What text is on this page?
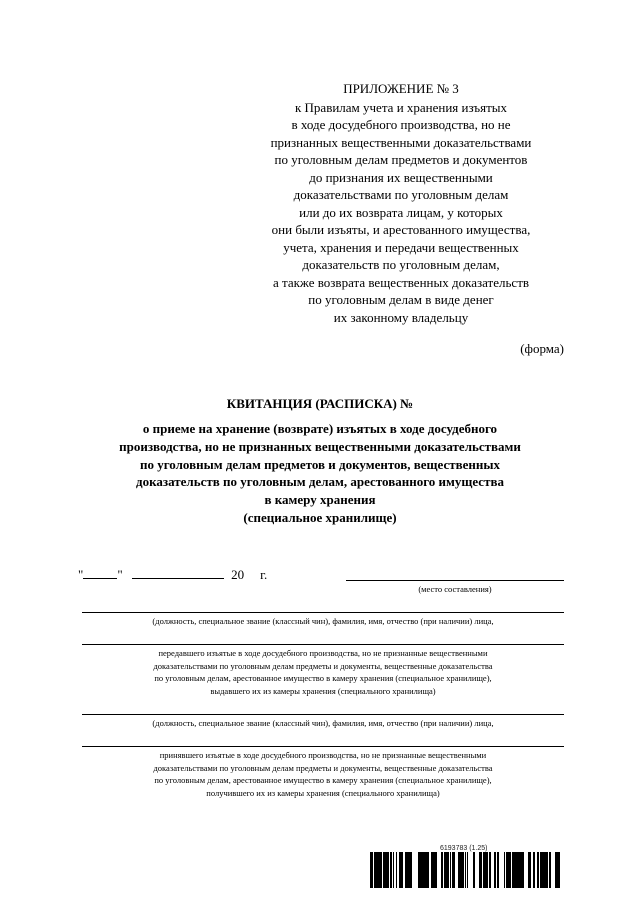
ПРИЛОЖЕНИЕ № 3
к Правилам учета и хранения изъятых
в ходе досудебного производства, но не
признанных вещественными доказательствами
по уголовным делам предметов и документов
до признания их вещественными
доказательствами по уголовным делам
или до их возврата лицам, у которых
они были изъяты, и арестованного имущества,
учета, хранения и передачи вещественных
доказательств по уголовным делам,
а также возврата вещественных доказательств
по уголовным делам в виде денег
их законному владельцу
(форма)
КВИТАНЦИЯ (РАСПИСКА) №
о приеме на хранение (возврате) изъятых в ходе досудебного
производства, но не признанных вещественными доказательствами
по уголовным делам предметов и документов, вещественных
доказательств по уголовным делам, арестованного имущества
в камеру хранения
(специальное хранилище)
"	"	20 г.
(место составления)
(должность, специальное звание (классный чин), фамилия, имя, отчество (при наличии) лица,
передавшего изъятые в ходе досудебного производства, но не признанные вещественными
доказательствами по уголовным делам предметы и документы, вещественные доказательства
по уголовным делам, арестованное имущество в камеру хранения (специальное хранилище),
выдавшего их из камеры хранения (специального хранилища)
(должность, специальное звание (классный чин), фамилия, имя, отчество (при наличии) лица,
принявшего изъятые в ходе досудебного производства, но не признанные вещественными
доказательствами по уголовным делам предметы и документы, вещественные доказательства
по уголовным делам, арестованное имущество в камеру хранения (специальное хранилище),
получившего их из камеры хранения (специального хранилища)
6193783 (1.25)
